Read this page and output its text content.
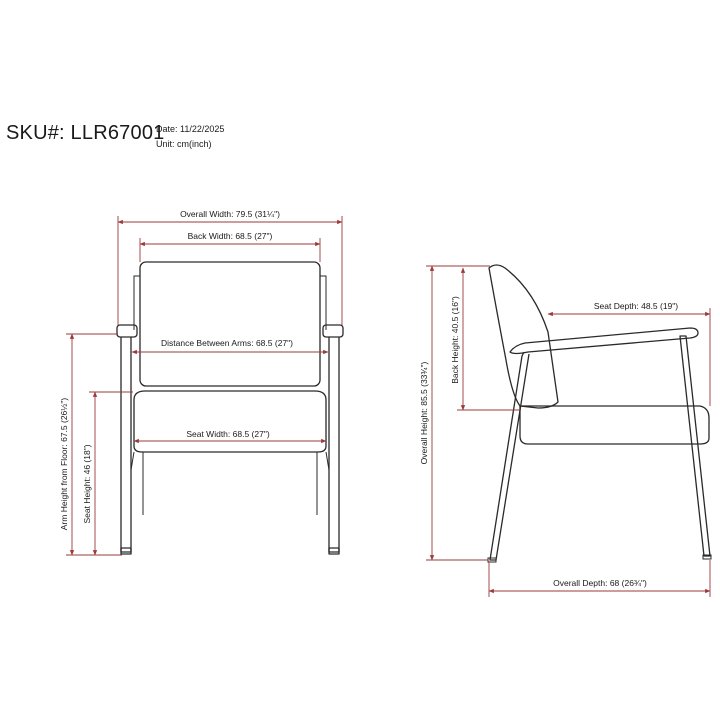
SKU#: LLR67001
Date: 11/22/2025
Unit: cm(inch)
Overall Width: 79.5 (31¼")
Back Width: 68.5 (27")
Distance Between Arms: 68.5 (27")
Seat Width: 68.5 (27")
Arm Height from Floor: 67.5 (26½") Seat Height: 46 (18")
Seat Depth: 48.5 (19")
Back Height: 40.5 (16")
Overall Height: 85.5 (33¾")
Overall Depth: 68 (26¾")
